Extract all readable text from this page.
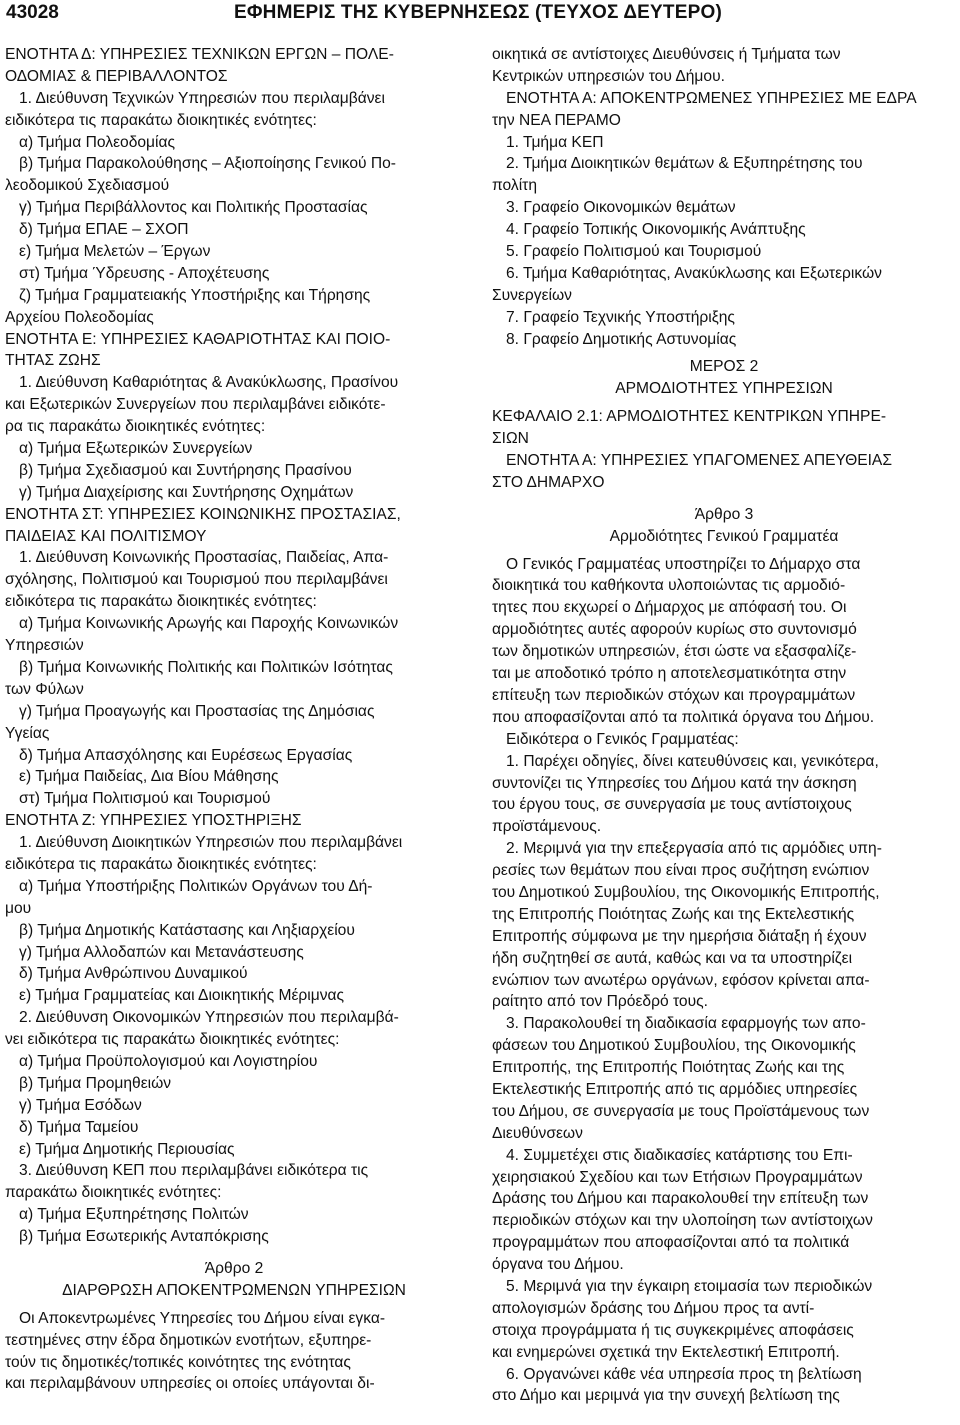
43028	ΕΦΗΜΕΡΙΣ ΤΗΣ ΚΥΒΕΡΝΗΣΕΩΣ (ΤΕΥΧΟΣ ΔΕΥΤΕΡΟ)
ΕΝΟΤΗΤΑ Δ: ΥΠΗΡΕΣΙΕΣ ΤΕΧΝΙΚΩΝ ΕΡΓΩΝ – ΠΟΛΕ-
ΟΔΟΜΙΑΣ & ΠΕΡΙΒΑΛΛΟΝΤΟΣ
1. Διεύθυνση Τεχνικών Υπηρεσιών που περιλαμβάνει
ειδικότερα τις παρακάτω διοικητικές ενότητες:
α) Τμήμα Πολεοδομίας
β) Τμήμα Παρακολούθησης – Αξιοποίησης Γενικού Πο-
λεοδομικού Σχεδιασμού
γ) Τμήμα Περιβάλλοντος και Πολιτικής Προστασίας
δ) Τμήμα ΕΠΑΕ – ΣΧΟΠ
ε) Τμήμα Μελετών – Έργων
στ) Τμήμα Ύδρευσης - Αποχέτευσης
ζ) Τμήμα Γραμματειακής Υποστήριξης και Τήρησης
Αρχείου Πολεοδομίας
ΕΝΟΤΗΤΑ Ε: ΥΠΗΡΕΣΙΕΣ ΚΑΘΑΡΙΟΤΗΤΑΣ ΚΑΙ ΠΟΙΟ-
ΤΗΤΑΣ ΖΩΗΣ
1. Διεύθυνση Καθαριότητας & Ανακύκλωσης, Πρασίνου
και Εξωτερικών Συνεργείων που περιλαμβάνει ειδικότε-
ρα τις παρακάτω διοικητικές ενότητες:
α) Τμήμα Εξωτερικών Συνεργείων
β) Τμήμα Σχεδιασμού και Συντήρησης Πρασίνου
γ) Τμήμα Διαχείρισης και Συντήρησης Οχημάτων
ΕΝΟΤΗΤΑ ΣΤ: ΥΠΗΡΕΣΙΕΣ ΚΟΙΝΩΝΙΚΗΣ ΠΡΟΣΤΑΣΙΑΣ,
ΠΑΙΔΕΙΑΣ ΚΑΙ ΠΟΛΙΤΙΣΜΟΥ
1. Διεύθυνση Κοινωνικής Προστασίας, Παιδείας, Απα-
σχόλησης, Πολιτισμού και Τουρισμού που περιλαμβάνει
ειδικότερα τις παρακάτω διοικητικές ενότητες:
α) Τμήμα Κοινωνικής Αρωγής και Παροχής Κοινωνικών
Υπηρεσιών
β) Τμήμα Κοινωνικής Πολιτικής και Πολιτικών Ισότητας
των Φύλων
γ) Τμήμα Προαγωγής και Προστασίας της Δημόσιας
Υγείας
δ) Τμήμα Απασχόλησης και Ευρέσεως Εργασίας
ε) Τμήμα Παιδείας, Δια Βίου Μάθησης
στ) Τμήμα Πολιτισμού και Τουρισμού
ΕΝΟΤΗΤΑ Ζ: ΥΠΗΡΕΣΙΕΣ ΥΠΟΣΤΗΡΙΞΗΣ
1. Διεύθυνση Διοικητικών Υπηρεσιών που περιλαμβάνει
ειδικότερα τις παρακάτω διοικητικές ενότητες:
α) Τμήμα Υποστήριξης Πολιτικών Οργάνων του Δή-
μου
β) Τμήμα Δημοτικής Κατάστασης και Ληξιαρχείου
γ) Τμήμα Αλλοδαπών και Μετανάστευσης
δ) Τμήμα Ανθρώπινου Δυναμικού
ε) Τμήμα Γραμματείας και Διοικητικής Μέριμνας
2. Διεύθυνση Οικονομικών Υπηρεσιών που περιλαμβά-
νει ειδικότερα τις παρακάτω διοικητικές ενότητες:
α) Τμήμα Προϋπολογισμού και Λογιστηρίου
β) Τμήμα Προμηθειών
γ) Τμήμα Εσόδων
δ) Τμήμα Ταμείου
ε) Τμήμα Δημοτικής Περιουσίας
3. Διεύθυνση ΚΕΠ που περιλαμβάνει ειδικότερα τις
παρακάτω διοικητικές ενότητες:
α) Τμήμα Εξυπηρέτησης Πολιτών
β) Τμήμα Εσωτερικής Ανταπόκρισης
Άρθρο 2
ΔΙΑΡΘΡΩΣΗ ΑΠΟΚΕΝΤΡΩΜΕΝΩΝ ΥΠΗΡΕΣΙΩΝ
Οι Αποκεντρωμένες Υπηρεσίες του Δήμου είναι εγκα-
τεστημένες στην έδρα δημοτικών ενοτήτων, εξυπηρε-
τούν τις δημοτικές/τοπικές κοινότητες της ενότητας
και περιλαμβάνουν υπηρεσίες οι οποίες υπάγονται δι-
οικητικά σε αντίστοιχες Διευθύνσεις ή Τμήματα των
Κεντρικών υπηρεσιών του Δήμου.
ΕΝΟΤΗΤΑ Α: ΑΠΟΚΕΝΤΡΩΜΕΝΕΣ ΥΠΗΡΕΣΙΕΣ ΜΕ ΕΔΡΑ
την ΝΕΑ ΠΕΡΑΜΟ
1. Τμήμα ΚΕΠ
2. Τμήμα Διοικητικών θεμάτων & Εξυπηρέτησης του
πολίτη
3. Γραφείο Οικονομικών θεμάτων
4. Γραφείο Τοπικής Οικονομικής Ανάπτυξης
5. Γραφείο Πολιτισμού και Τουρισμού
6. Τμήμα Καθαριότητας, Ανακύκλωσης και Εξωτερικών
Συνεργείων
7. Γραφείο Τεχνικής Υποστήριξης
8. Γραφείο Δημοτικής Αστυνομίας
ΜΕΡΟΣ 2
ΑΡΜΟΔΙΟΤΗΤΕΣ ΥΠΗΡΕΣΙΩΝ
ΚΕΦΑΛΑΙΟ 2.1: ΑΡΜΟΔΙΟΤΗΤΕΣ ΚΕΝΤΡΙΚΩΝ ΥΠΗΡΕ-
ΣΙΩΝ
ΕΝΟΤΗΤΑ Α: ΥΠΗΡΕΣΙΕΣ ΥΠΑΓΟΜΕΝΕΣ ΑΠΕΥΘΕΙΑΣ
ΣΤΟ ΔΗΜΑΡΧΟ
Άρθρο 3
Αρμοδιότητες Γενικού Γραμματέα
Ο Γενικός Γραμματέας υποστηρίζει το Δήμαρχο στα
διοικητικά του καθήκοντα υλοποιώντας τις αρμοδιό-
τητες που εκχωρεί ο Δήμαρχος με απόφασή του. Οι
αρμοδιότητες αυτές αφορούν κυρίως στο συντονισμό
των δημοτικών υπηρεσιών, έτσι ώστε να εξασφαλίζε-
ται με αποδοτικό τρόπο η αποτελεσματικότητα στην
επίτευξη των περιοδικών στόχων και προγραμμάτων
που αποφασίζονται από τα πολιτικά όργανα του Δήμου.
Ειδικότερα ο Γενικός Γραμματέας:
1. Παρέχει οδηγίες, δίνει κατευθύνσεις και, γενικότερα,
συντονίζει τις Υπηρεσίες του Δήμου κατά την άσκηση
του έργου τους, σε συνεργασία με τους αντίστοιχους
προϊστάμενους.
2. Μεριμνά για την επεξεργασία από τις αρμόδιες υπη-
ρεσίες των θεμάτων που είναι προς συζήτηση ενώπιον
του Δημοτικού Συμβουλίου, της Οικονομικής Επιτροπής,
της Επιτροπής Ποιότητας Ζωής και της Εκτελεστικής
Επιτροπής σύμφωνα με την ημερήσια διάταξη ή έχουν
ήδη συζητηθεί σε αυτά, καθώς και να τα υποστηρίζει
ενώπιον των ανωτέρω οργάνων, εφόσον κρίνεται απα-
ραίτητο από τον Πρόεδρό τους.
3. Παρακολουθεί τη διαδικασία εφαρμογής των απο-
φάσεων του Δημοτικού Συμβουλίου, της Οικονομικής
Επιτροπής, της Επιτροπής Ποιότητας Ζωής και της
Εκτελεστικής Επιτροπής από τις αρμόδιες υπηρεσίες
του Δήμου, σε συνεργασία με τους Προϊστάμενους των
Διευθύνσεων
4. Συμμετέχει στις διαδικασίες κατάρτισης του Επι-
χειρησιακού Σχεδίου και των Ετήσιων Προγραμμάτων
Δράσης του Δήμου και παρακολουθεί την επίτευξη των
περιοδικών στόχων και την υλοποίηση των αντίστοιχων
προγραμμάτων που αποφασίζονται από τα πολιτικά
όργανα του Δήμου.
5. Μεριμνά για την έγκαιρη ετοιμασία των περιοδικών
απολογισμών δράσης του Δήμου προς τα αντί-
στοιχα προγράμματα ή τις συγκεκριμένες αποφάσεις
και ενημερώνει σχετικά την Εκτελεστική Επιτροπή.
6. Οργανώνει κάθε νέα υπηρεσία προς τη βελτίωση
στο Δήμο και μεριμνά για την συνεχή βελτίωση της
